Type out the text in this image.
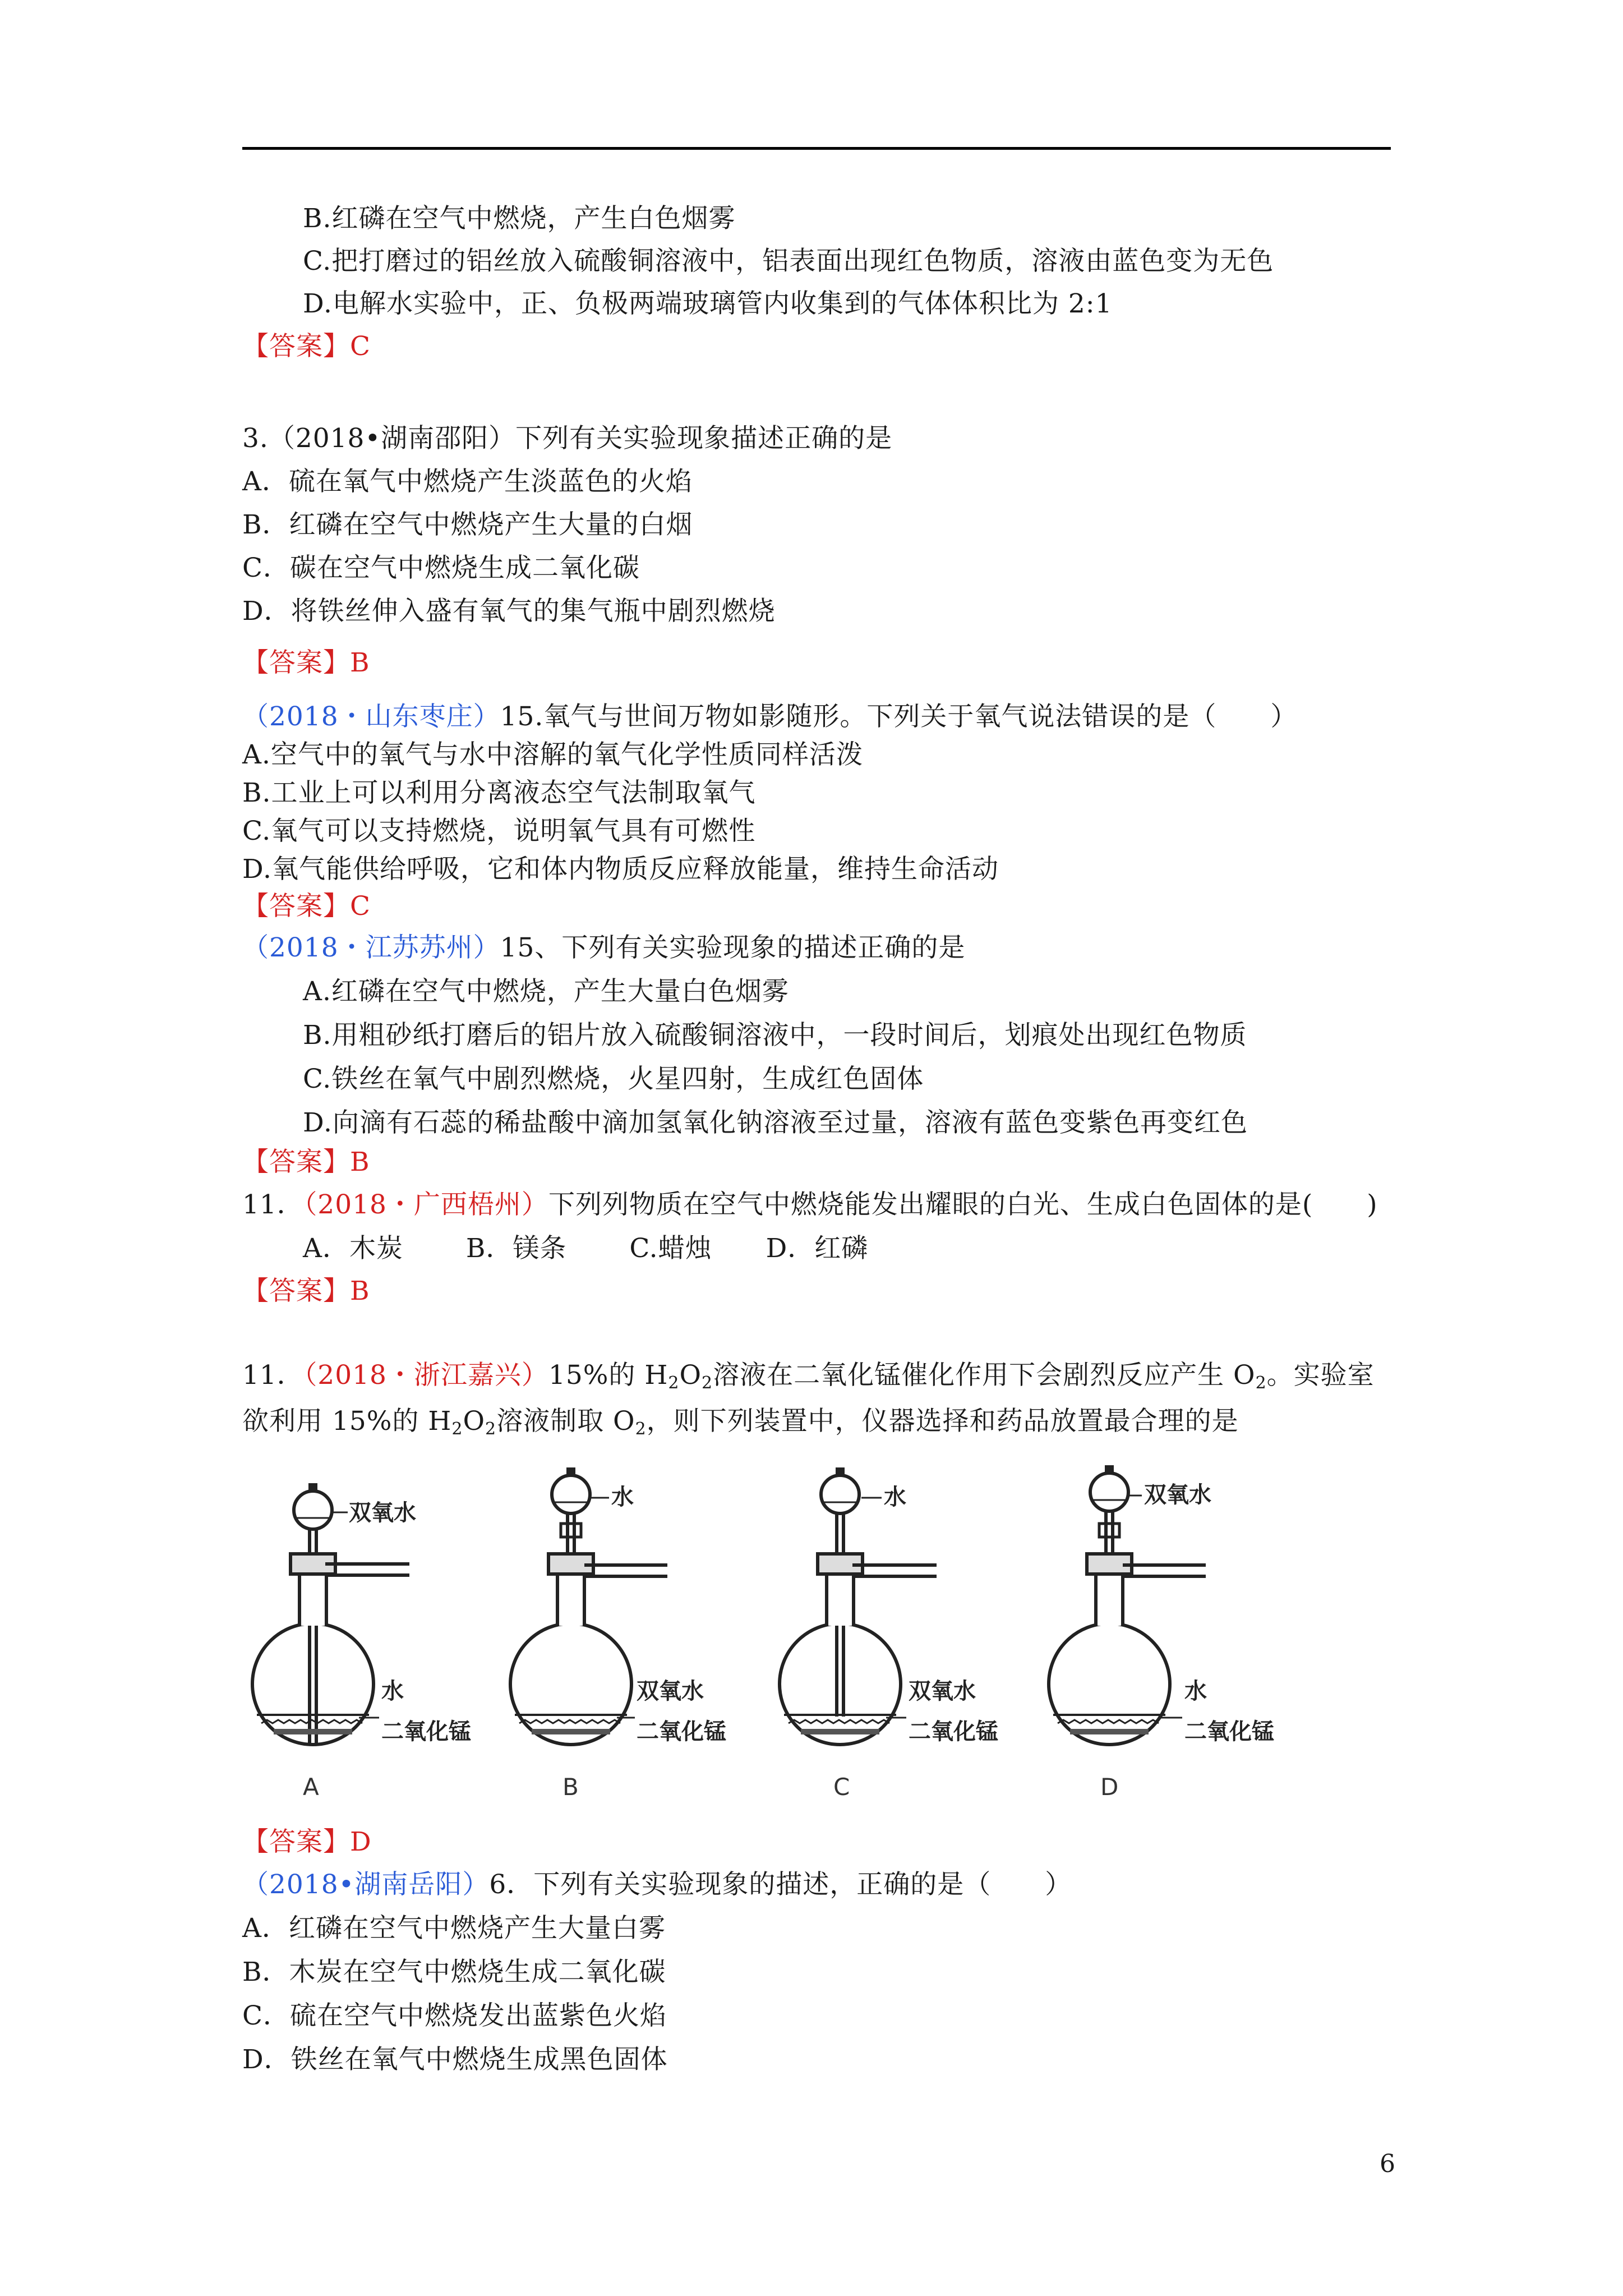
B.红磷在空气中燃烧，产生白色烟雾
C.把打磨过的铝丝放入硫酸铜溶液中，铝表面出现红色物质，溶液由蓝色变为无色
D.电解水实验中，正、负极两端玻璃管内收集到的气体体积比为 2:1
【答案】C
3.（2018•湖南邵阳）下列有关实验现象描述正确的是
A．硫在氧气中燃烧产生淡蓝色的火焰
B．红磷在空气中燃烧产生大量的白烟
C．碳在空气中燃烧生成二氧化碳
D．将铁丝伸入盛有氧气的集气瓶中剧烈燃烧
【答案】B
（2018・山东枣庄）15.氧气与世间万物如影随形。下列关于氧气说法错误的是（　　）
A.空气中的氧气与水中溶解的氧气化学性质同样活泼
B.工业上可以利用分离液态空气法制取氧气
C.氧气可以支持燃烧，说明氧气具有可燃性
D.氧气能供给呼吸，它和体内物质反应释放能量，维持生命活动
【答案】C
（2018・江苏苏州）15、下列有关实验现象的描述正确的是
A.红磷在空气中燃烧，产生大量白色烟雾
B.用粗砂纸打磨后的铝片放入硫酸铜溶液中，一段时间后，划痕处出现红色物质
C.铁丝在氧气中剧烈燃烧，火星四射，生成红色固体
D.向滴有石蕊的稀盐酸中滴加氢氧化钠溶液至过量，溶液有蓝色变紫色再变红色
【答案】B
11．（2018・广西梧州）下列列物质在空气中燃烧能发出耀眼的白光、生成白色固体的是(　　)
A．木炭　　 B．镁条　　 C.蜡烛　　D．红磷
【答案】B
11．（2018・浙江嘉兴）15%的 $H_2O_2$溶液在二氧化锰催化作用下会剧烈反应产生 $O_2$。实验室
欲利用 15%的 $H_2O_2$溶液制取 $O_2$，则下列装置中，仪器选择和药品放置最合理的是
双氧水
水
二氧化锰
A
水
双氧水
二氧化锰
B
水
双氧水
二氧化锰
C
双氧水
水
二氧化锰
D
【答案】D
（2018•湖南岳阳）6．下列有关实验现象的描述，正确的是（　　）
A．红磷在空气中燃烧产生大量白雾
B．木炭在空气中燃烧生成二氧化碳
C．硫在空气中燃烧发出蓝紫色火焰
D．铁丝在氧气中燃烧生成黑色固体
6
